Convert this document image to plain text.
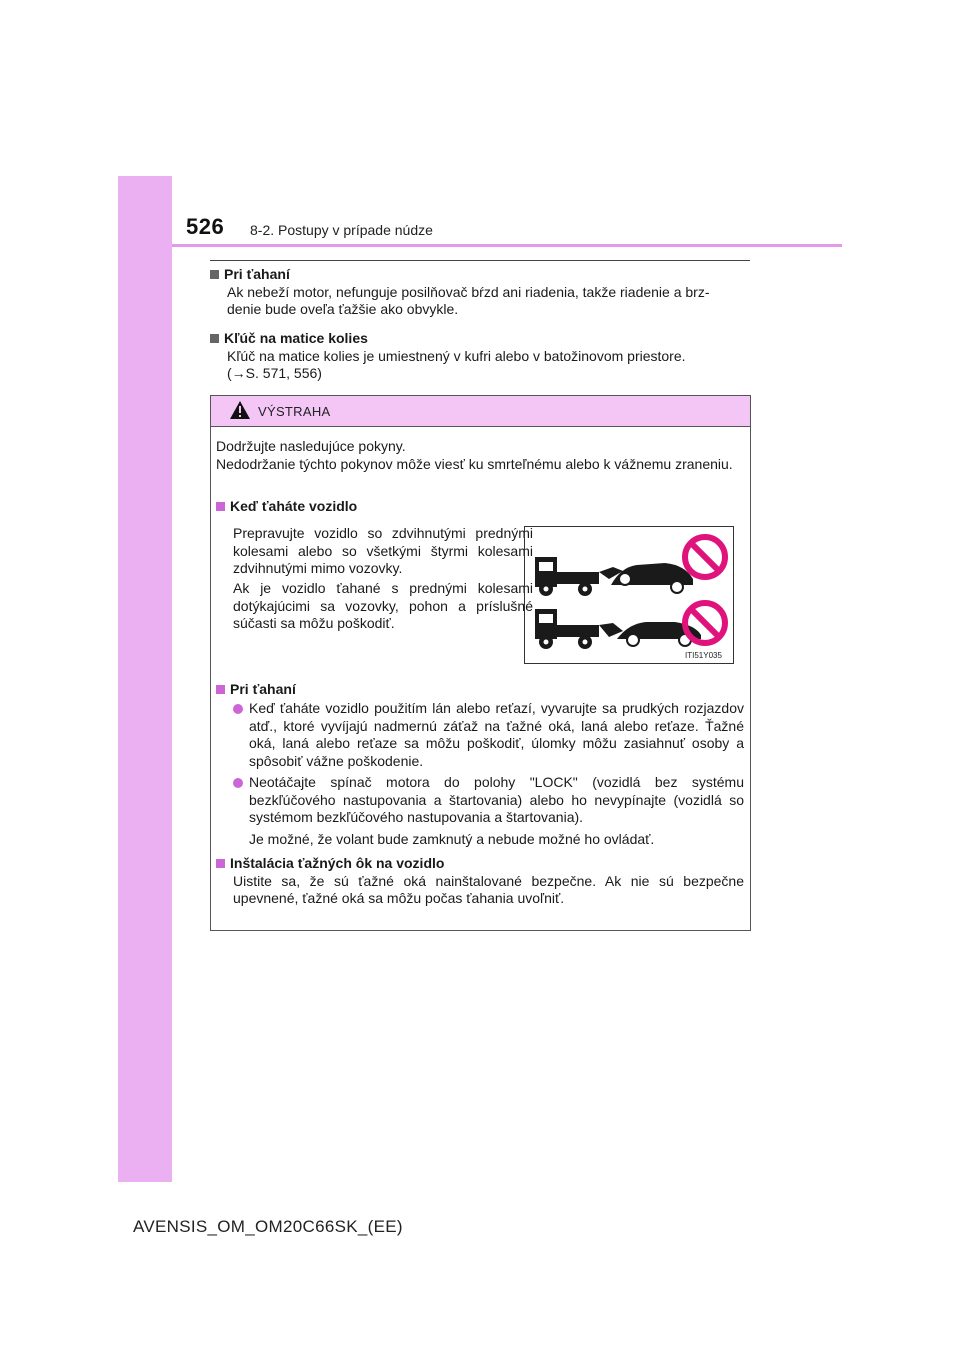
526 8-2. Postupy v prípade núdze
Pri ťahaní
Ak nebeží motor, nefunguje posilňovač bŕzd ani riadenia, takže riadenie a brz-
denie bude oveľa ťažšie ako obvykle.
Kľúč na matice kolies
Kľúč na matice kolies je umiestnený v kufri alebo v batožinovom priestore.
(→S. 571, 556)
VÝSTRAHA
Dodržujte nasledujúce pokyny.
Nedodržanie týchto pokynov môže viesť ku smrteľnému alebo k vážnemu zraneniu.
Keď ťaháte vozidlo
Prepravujte vozidlo so zdvihnutými prednými kolesami alebo so všetkými štyrmi kolesami zdvihnutými mimo vozovky.
Ak je vozidlo ťahané s prednými kolesami dotýkajúcimi sa vozovky, pohon a príslušné súčasti sa môžu poškodiť.
Pri ťahaní
Keď ťaháte vozidlo použitím lán alebo reťazí, vyvarujte sa prudkých rozjazdov atď., ktoré vyvíjajú nadmernú záťaž na ťažné oká, laná alebo reťaze. Ťažné oká, laná alebo reťaze sa môžu poškodiť, úlomky môžu zasiahnuť osoby a spôsobiť vážne poškodenie.
Neotáčajte spínač motora do polohy "LOCK" (vozidlá bez systému bezkľúčového nastupovania a štartovania) alebo ho nevypínajte (vozidlá so systémom bezkľúčového nastupovania a štartovania).
Je možné, že volant bude zamknutý a nebude možné ho ovládať.
Inštalácia ťažných ôk na vozidlo
Uistite sa, že sú ťažné oká nainštalované bezpečne. Ak nie sú bezpečne upevnené, ťažné oká sa môžu počas ťahania uvoľniť.
ITI51Y035
AVENSIS_OM_OM20C66SK_(EE)
